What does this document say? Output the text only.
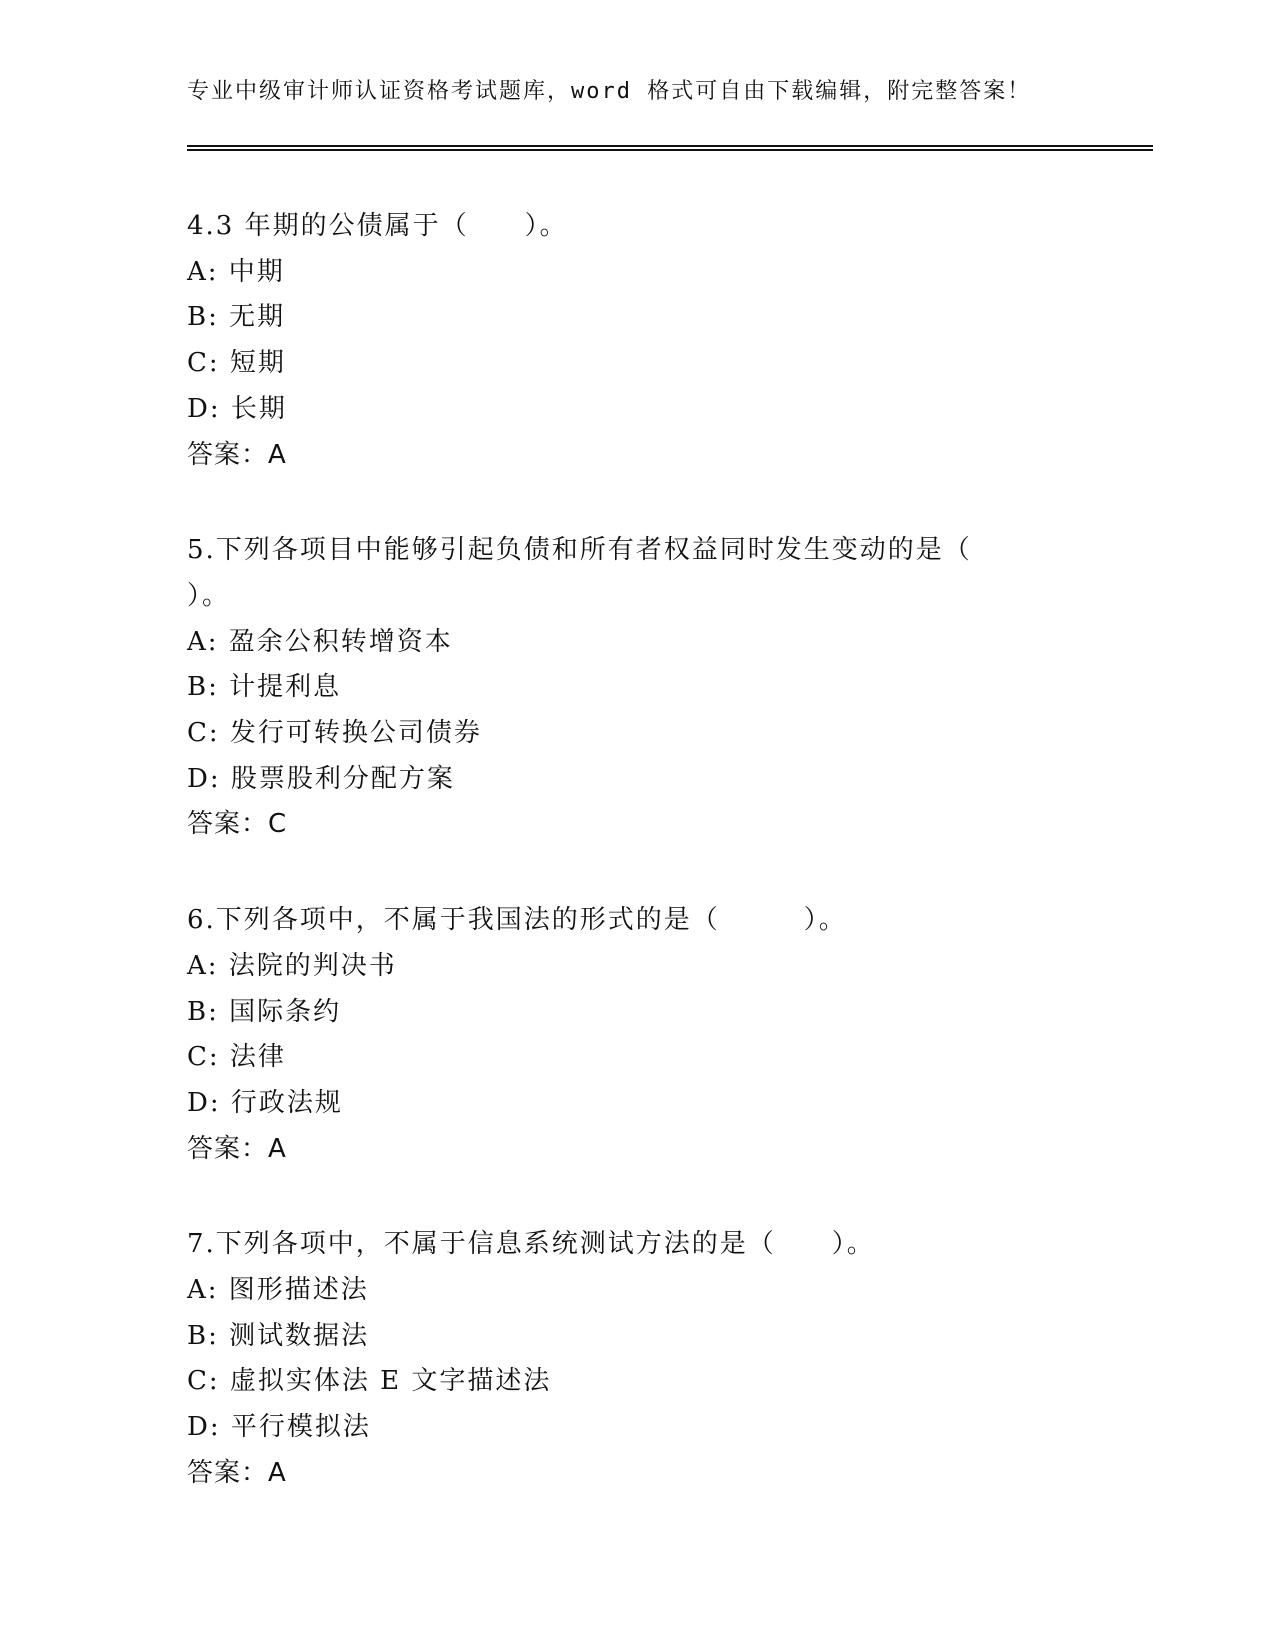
专业中级审计师认证资格考试题库，word 格式可自由下载编辑，附完整答案！
4.3 年期的公债属于（　　）。
A: 中期
B: 无期
C: 短期
D: 长期
答案：A
5.下列各项目中能够引起负债和所有者权益同时发生变动的是（
）。
A: 盈余公积转增资本
B: 计提利息
C: 发行可转换公司债券
D: 股票股利分配方案
答案：C
6.下列各项中，不属于我国法的形式的是（　　　）。
A: 法院的判决书
B: 国际条约
C: 法律
D: 行政法规
答案：A
7.下列各项中，不属于信息系统测试方法的是（　　）。
A: 图形描述法
B: 测试数据法
C: 虚拟实体法 E 文字描述法
D: 平行模拟法
答案：A
